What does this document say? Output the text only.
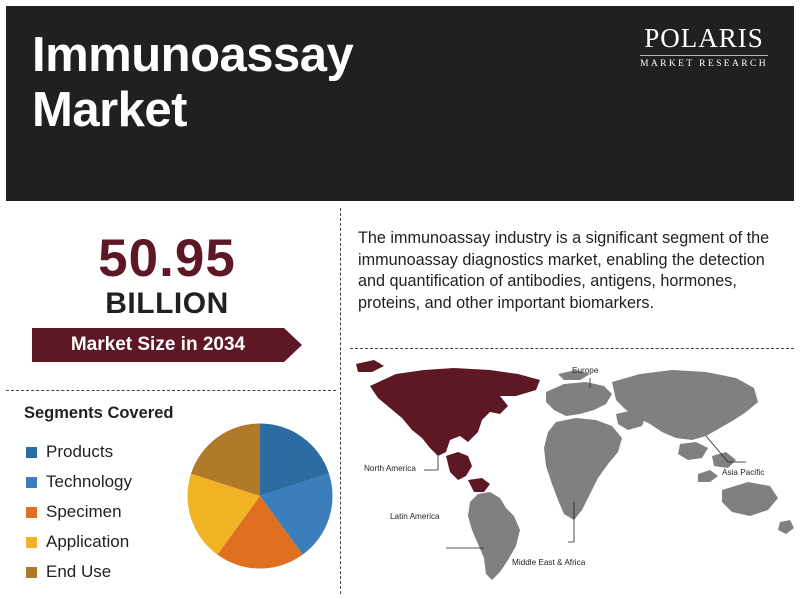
Immunoassay Market
POLARIS
MARKET RESEARCH
50.95
BILLION
Market Size in 2034
Segments Covered
Products
Technology
Specimen
Application
End Use
The immunoassay industry is a significant segment of the immunoassay diagnostics market, enabling the detection and quantification of antibodies, antigens, hormones, proteins, and other important biomarkers.
North America
Europe
Asia Pacific
Latin America
Middle East & Africa
